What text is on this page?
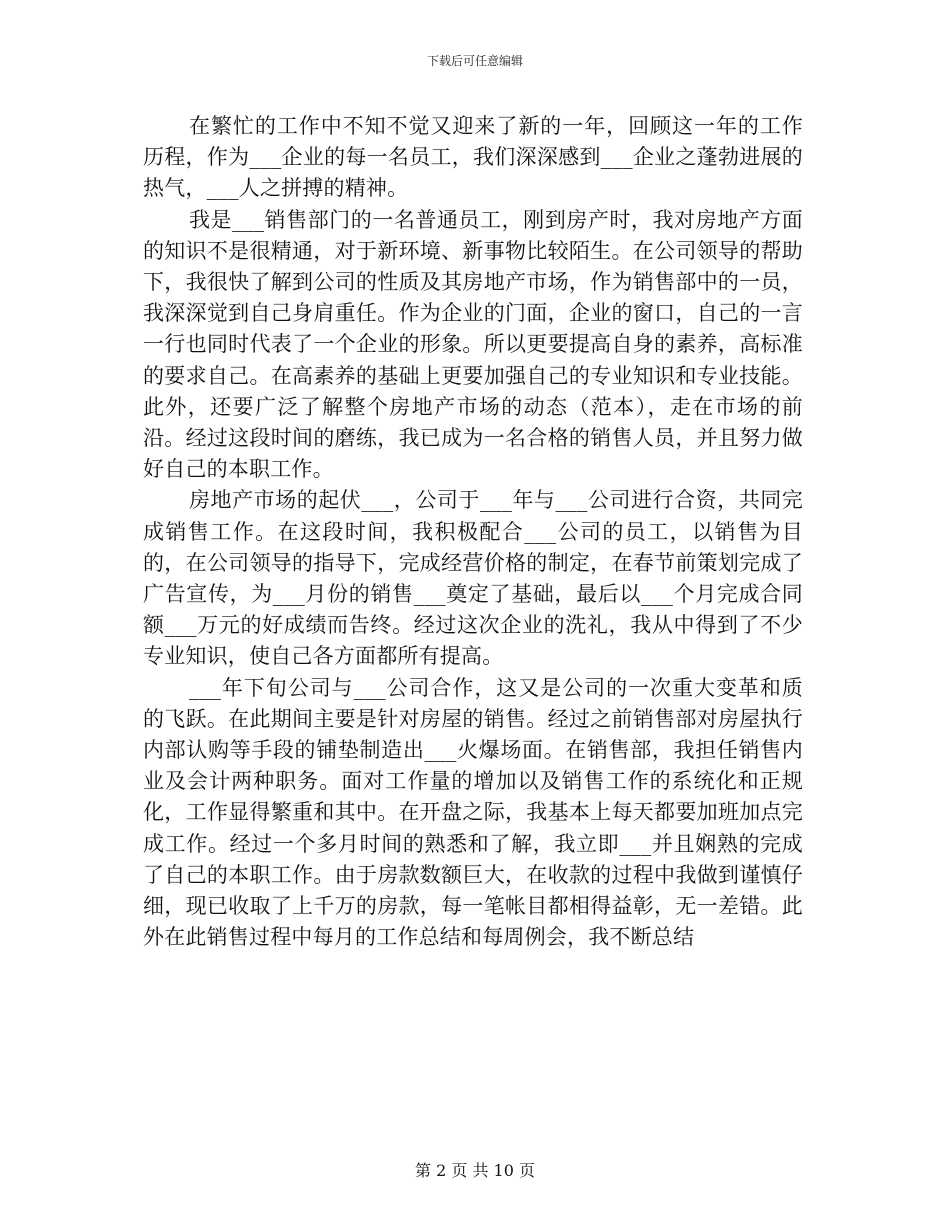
下载后可任意编辑

在繁忙的工作中不知不觉又迎来了新的一年，回顾这一年的工作历程，作为___企业的每一名员工，我们深深感到___企业之蓬勃进展的热气，___人之拼搏的精神。

我是___销售部门的一名普通员工，刚到房产时，我对房地产方面的知识不是很精通，对于新环境、新事物比较陌生。在公司领导的帮助下，我很快了解到公司的性质及其房地产市场，作为销售部中的一员，我深深觉到自己身肩重任。作为企业的门面，企业的窗口，自己的一言一行也同时代表了一个企业的形象。所以更要提高自身的素养，高标准的要求自己。在高素养的基础上更要加强自己的专业知识和专业技能。此外，还要广泛了解整个房地产市场的动态（范本），走在市场的前沿。经过这段时间的磨练，我已成为一名合格的销售人员，并且努力做好自己的本职工作。

房地产市场的起伏___，公司于___年与___公司进行合资，共同完成销售工作。在这段时间，我积极配合___公司的员工，以销售为目的，在公司领导的指导下，完成经营价格的制定，在春节前策划完成了广告宣传，为___月份的销售___奠定了基础，最后以___个月完成合同额___万元的好成绩而告终。经过这次企业的洗礼，我从中得到了不少专业知识，使自己各方面都所有提高。

___年下旬公司与___公司合作，这又是公司的一次重大变革和质的飞跃。在此期间主要是针对房屋的销售。经过之前销售部对房屋执行内部认购等手段的铺垫制造出___火爆场面。在销售部，我担任销售内业及会计两种职务。面对工作量的增加以及销售工作的系统化和正规化，工作显得繁重和其中。在开盘之际，我基本上每天都要加班加点完成工作。经过一个多月时间的熟悉和了解，我立即___并且娴熟的完成了自己的本职工作。由于房款数额巨大，在收款的过程中我做到谨慎仔细，现已收取了上千万的房款，每一笔帐目都相得益彰，无一差错。此外在此销售过程中每月的工作总结和每周例会，我不断总结

第 2 页 共 10 页
